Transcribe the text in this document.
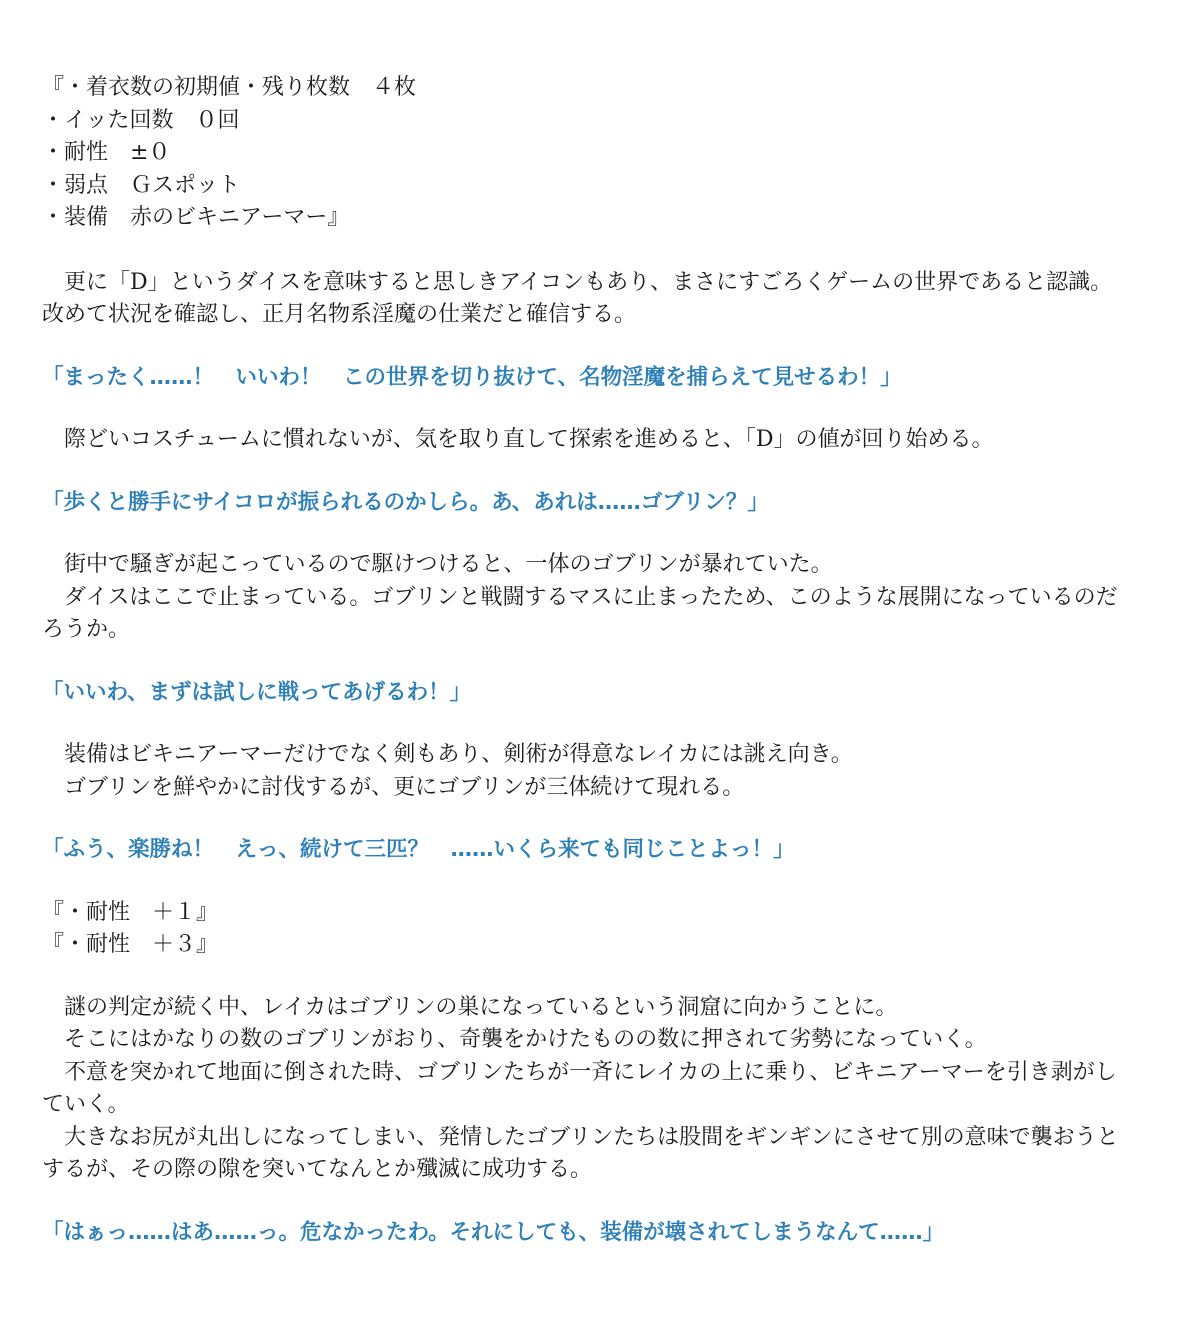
『・着衣数の初期値・残り枚数　４枚
・イッた回数　０回
・耐性　±０
・弱点　Ｇスポット
・装備　赤のビキニアーマー』
更に「D」というダイスを意味すると思しきアイコンもあり、まさにすごろくゲームの世界であると認識。
改めて状況を確認し、正月名物系淫魔の仕業だと確信する。
「まったく……！　いいわ！　この世界を切り抜けて、名物淫魔を捕らえて見せるわ！」
際どいコスチュームに慣れないが、気を取り直して探索を進めると、「D」の値が回り始める。
「歩くと勝手にサイコロが振られるのかしら。あ、あれは……ゴブリン？」
街中で騒ぎが起こっているので駆けつけると、一体のゴブリンが暴れていた。
ダイスはここで止まっている。ゴブリンと戦闘するマスに止まったため、このような展開になっているのだ
ろうか。
「いいわ、まずは試しに戦ってあげるわ！」
装備はビキニアーマーだけでなく剣もあり、剣術が得意なレイカには誂え向き。
ゴブリンを鮮やかに討伐するが、更にゴブリンが三体続けて現れる。
「ふう、楽勝ね！　えっ、続けて三匹？　……いくら来ても同じことよっ！」
『・耐性　＋１』
『・耐性　＋３』
謎の判定が続く中、レイカはゴブリンの巣になっているという洞窟に向かうことに。
そこにはかなりの数のゴブリンがおり、奇襲をかけたものの数に押されて劣勢になっていく。
不意を突かれて地面に倒された時、ゴブリンたちが一斉にレイカの上に乗り、ビキニアーマーを引き剥がし
ていく。
大きなお尻が丸出しになってしまい、発情したゴブリンたちは股間をギンギンにさせて別の意味で襲おうと
するが、その際の隙を突いてなんとか殲滅に成功する。
「はぁっ……はあ……っ。危なかったわ。それにしても、装備が壊されてしまうなんて……」
